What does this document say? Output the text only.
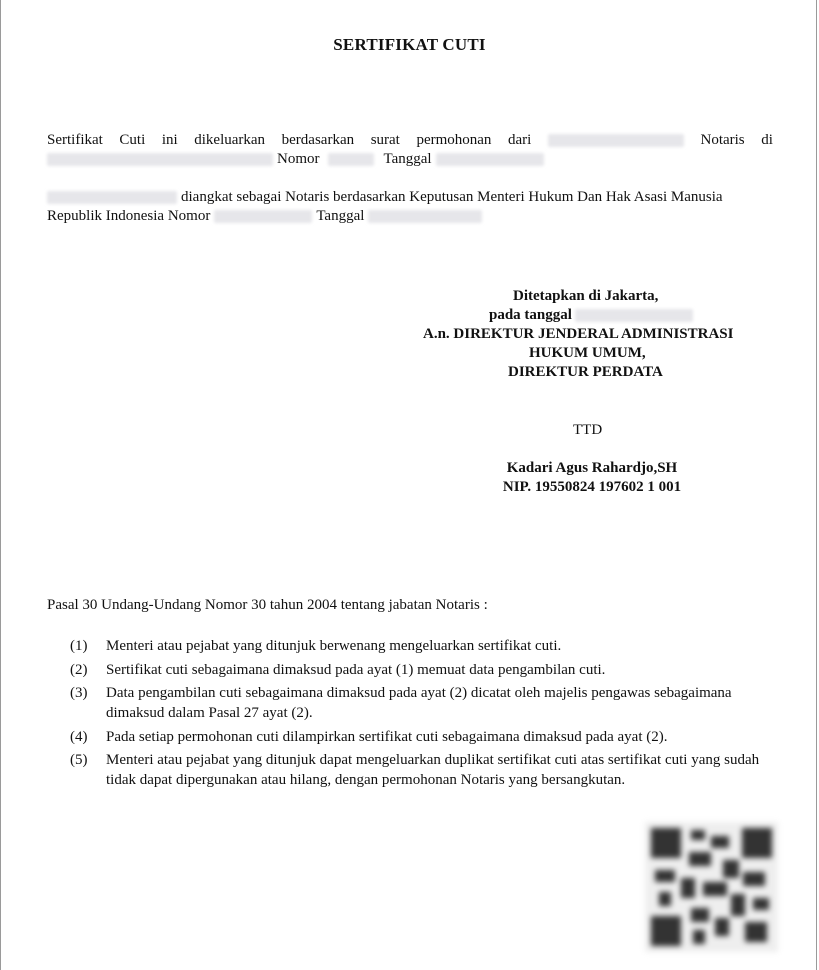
SERTIFIKAT CUTI
Sertifikat Cuti ini dikeluarkan berdasarkan surat permohonan dari	Notaris di
Nomor	Tanggal
diangkat sebagai Notaris berdasarkan Keputusan Menteri Hukum Dan Hak Asasi Manusia
Republik Indonesia Nomor	Tanggal
Ditetapkan di Jakarta,
pada tanggal
A.n. DIREKTUR JENDERAL ADMINISTRASI
HUKUM UMUM,
DIREKTUR PERDATA
TTD
Kadari Agus Rahardjo,SH
NIP. 19550824 197602 1 001
Pasal 30 Undang-Undang Nomor 30 tahun 2004 tentang jabatan Notaris :
(1)	Menteri atau pejabat yang ditunjuk berwenang mengeluarkan sertifikat cuti.
(2)	Sertifikat cuti sebagaimana dimaksud pada ayat (1) memuat data pengambilan cuti.
(3)	Data pengambilan cuti sebagaimana dimaksud pada ayat (2) dicatat oleh majelis pengawas sebagaimana dimaksud dalam Pasal 27 ayat (2).
(4)	Pada setiap permohonan cuti dilampirkan sertifikat cuti sebagaimana dimaksud pada ayat (2).
(5)	Menteri atau pejabat yang ditunjuk dapat mengeluarkan duplikat sertifikat cuti atas sertifikat cuti yang sudah tidak dapat dipergunakan atau hilang, dengan permohonan Notaris yang bersangkutan.
